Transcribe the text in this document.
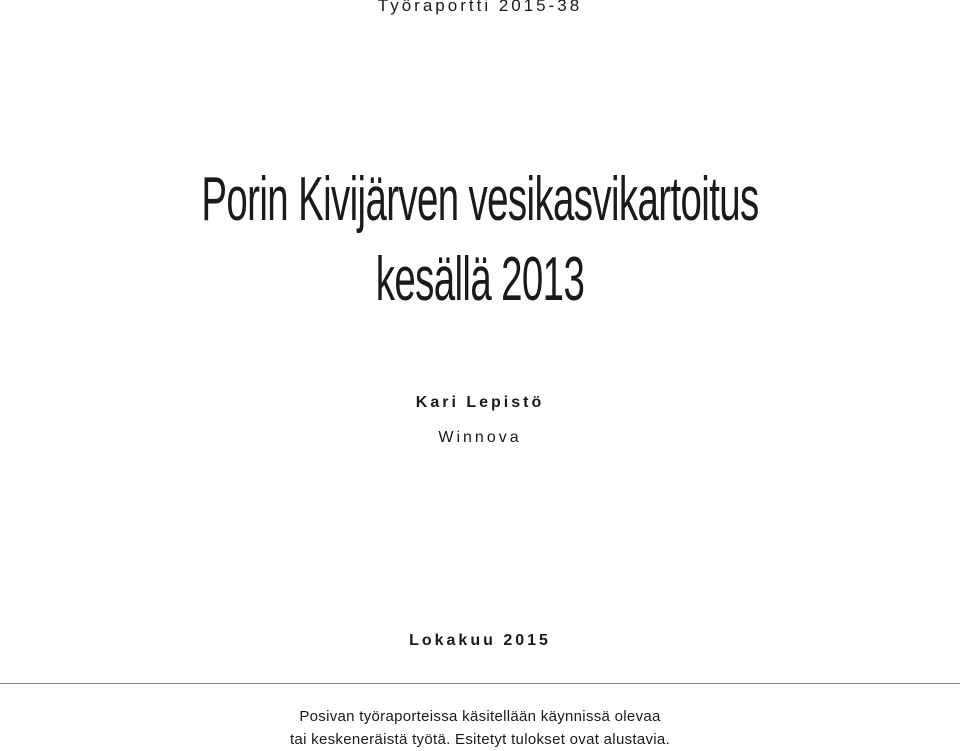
Työraportti 2015-38
Porin Kivijärven vesikasvikartoitus kesällä 2013
Kari Lepistö
Winnova
Lokakuu 2015
Posivan työraporteissa käsitellään käynnissä olevaa
tai keskeneräistä työtä. Esitetyt tulokset ovat alustavia.
